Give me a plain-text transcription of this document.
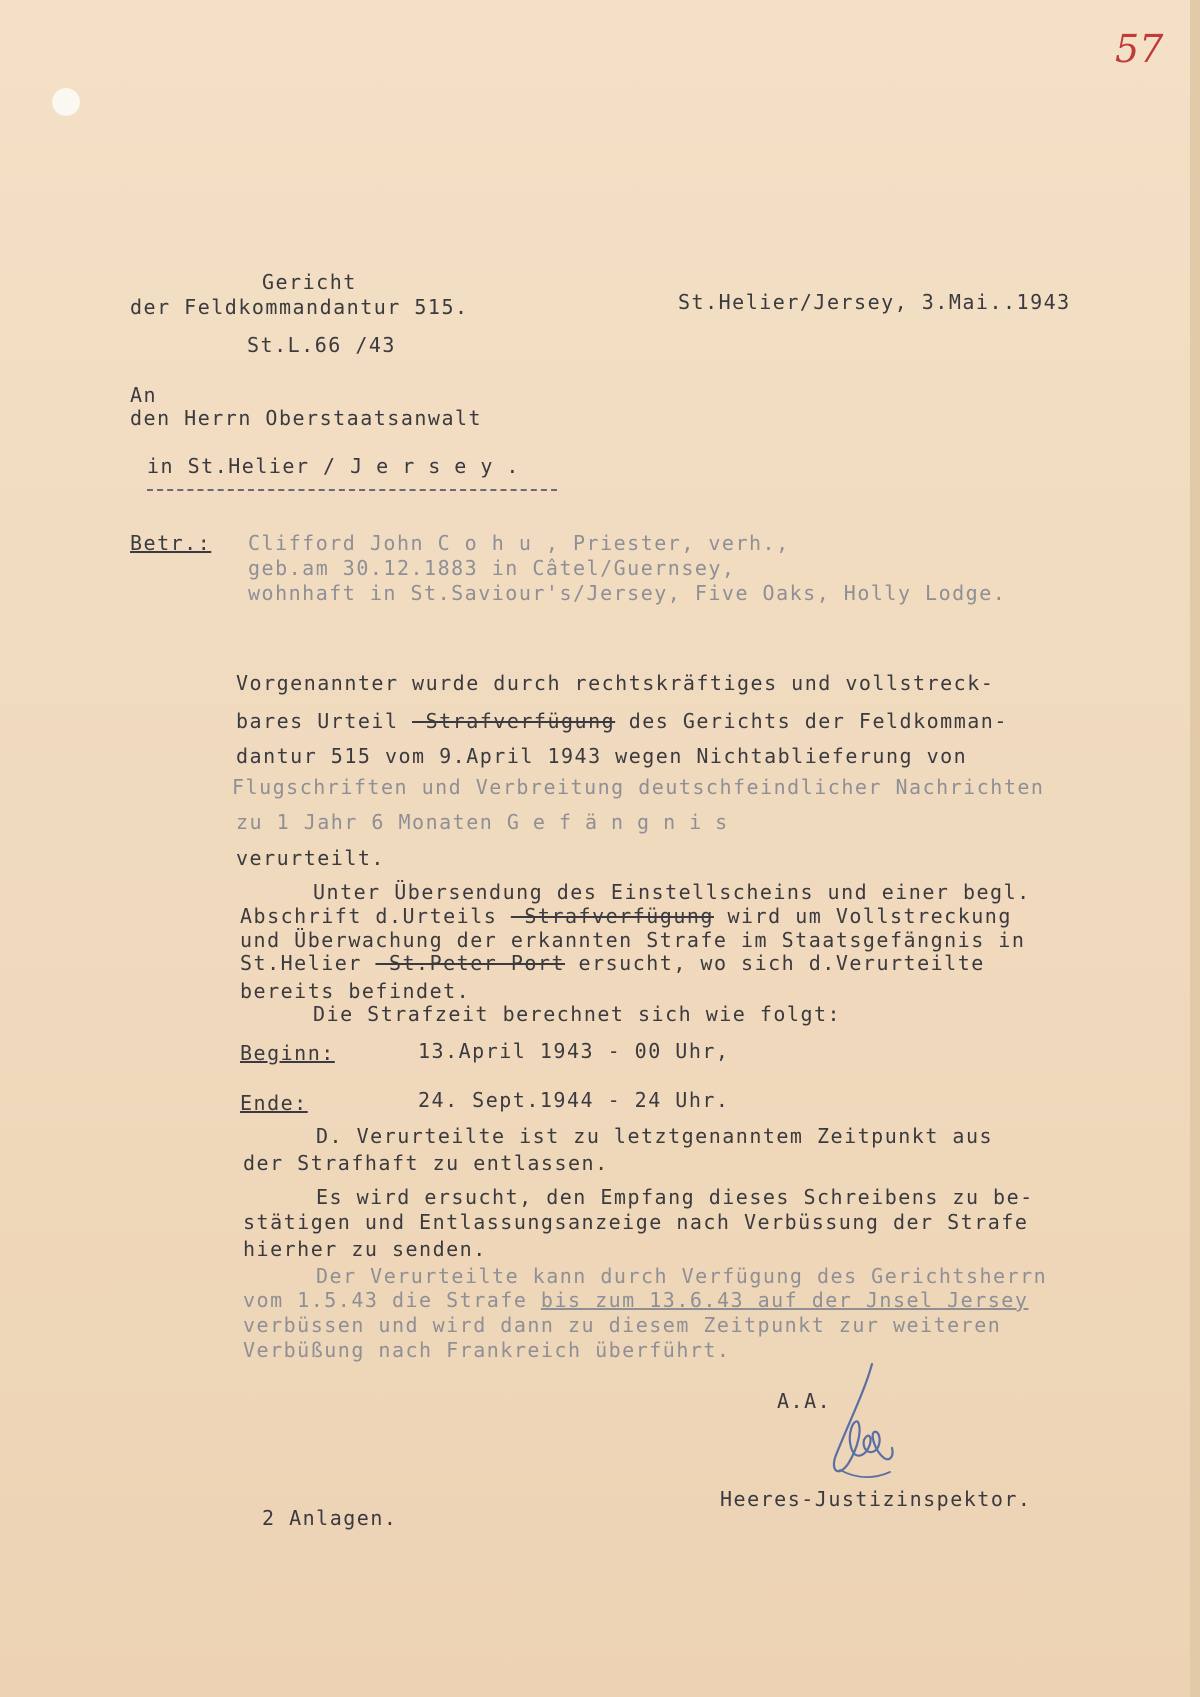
57
Gericht
der Feldkommandantur 515.
St.L.66 /43
St.Helier/Jersey, 3.Mai..1943
An
den Herrn Oberstaatsanwalt
in St.Helier / Jersey.
Betr.: Clifford John C o h u , Priester, verh.,
geb.am 30.12.1883 in Câtel/Guernsey,
wohnhaft in St.Saviour's/Jersey, Five Oaks, Holly Lodge.
Vorgenannter wurde durch rechtskräftiges und vollstreck-
bares Urteil -Strafverfügung des Gerichts der Feldkomman-
dantur 515 vom 9.April 1943 wegen Nichtablieferung von
Flugschriften und Verbreitung deutschfeindlicher Nachrichten
zu 1 Jahr 6 Monaten Gefängnis
verurteilt.
Unter Übersendung des Einstellscheins und einer begl.
Abschrift d.Urteils -Strafverfügung wird um Vollstreckung
und Überwachung der erkannten Strafe im Staatsgefängnis in
St.Helier -St.Peter Port ersucht, wo sich d.Verurteilte
bereits befindet.
Die Strafzeit berechnet sich wie folgt:
Beginn:	13.April 1943 - 00 Uhr,
Ende:	24. Sept.1944 - 24 Uhr.
D. Verurteilte ist zu letztgenanntem Zeitpunkt aus
der Strafhaft zu entlassen.
Es wird ersucht, den Empfang dieses Schreibens zu be-
stätigen und Entlassungsanzeige nach Verbüssung der Strafe
hierher zu senden.
Der Verurteilte kann durch Verfügung des Gerichtsherrn
vom 1.5.43 die Strafe bis zum 13.6.43 auf der Jnsel Jersey
verbüssen und wird dann zu diesem Zeitpunkt zur weiteren
Verbüßung nach Frankreich überführt.
A.A.
Heeres-Justizinspektor.
2 Anlagen.
